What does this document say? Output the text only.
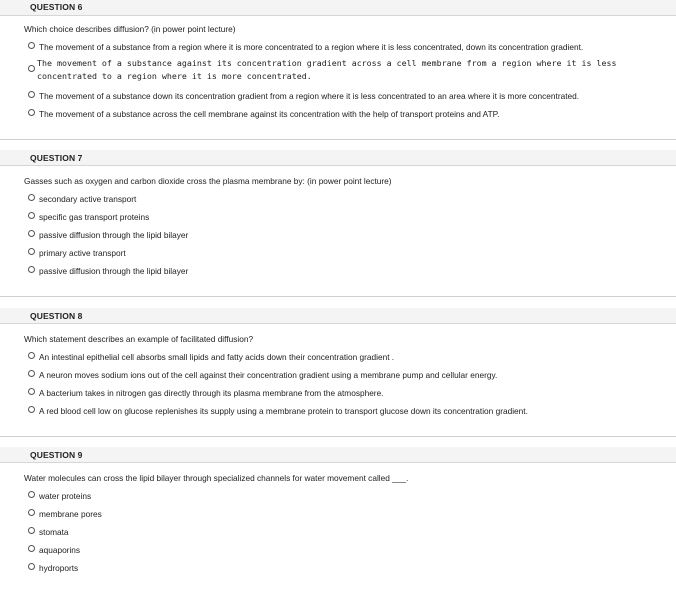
QUESTION 6
Which choice describes diffusion? (in power point lecture)
The movement of a substance from a region where it is more concentrated to a region where it is less concentrated, down its concentration gradient.
The movement of a substance against its concentration gradient across a cell membrane from a region where it is less concentrated to a region where it is more concentrated.
The movement of a substance down its concentration gradient from a region where it is less concentrated to an area where it is more concentrated.
The movement of a substance across the cell membrane against its concentration with the help of transport proteins and ATP.
QUESTION 7
Gasses such as oxygen and carbon dioxide cross the plasma membrane by: (in power point lecture)
secondary active transport
specific gas transport proteins
passive diffusion through the lipid bilayer
primary active transport
passive diffusion through the lipid bilayer
QUESTION 8
Which statement describes an example of facilitated diffusion?
An intestinal epithelial cell absorbs small lipids and fatty acids down their concentration gradient .
A neuron moves sodium ions out of the cell against their concentration gradient using a membrane pump and cellular energy.
A bacterium takes in nitrogen gas directly through its plasma membrane from the atmosphere.
A red blood cell low on glucose replenishes its supply using a membrane protein to transport glucose down its concentration gradient.
QUESTION 9
Water molecules can cross the lipid bilayer through specialized channels for water movement called ___.
water proteins
membrane pores
stomata
aquaporins
hydroports
